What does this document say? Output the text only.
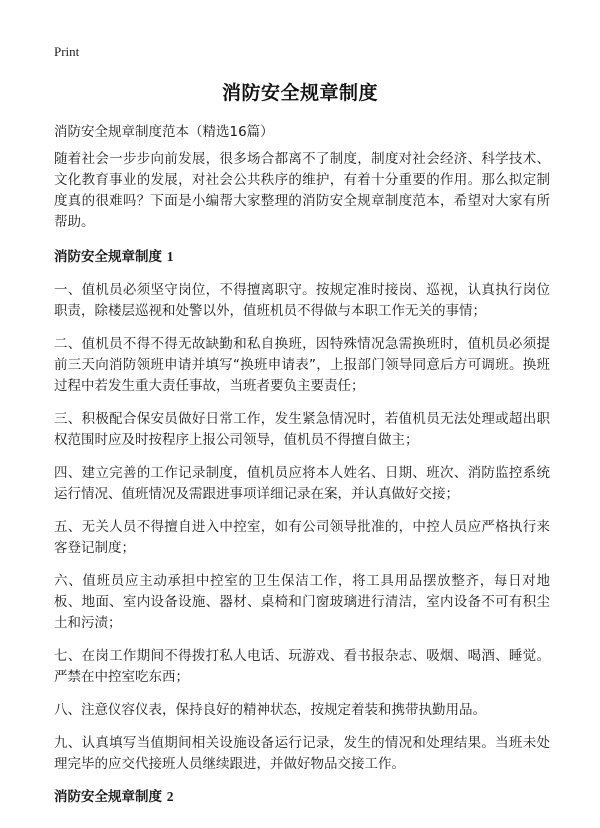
Print
消防安全规章制度
消防安全规章制度范本（精选16篇）

随着社会一步步向前发展，很多场合都离不了制度，制度对社会经济、科学技术、文化教育事业的发展，对社会公共秩序的维护，有着十分重要的作用。那么拟定制度真的很难吗？下面是小编帮大家整理的消防安全规章制度范本，希望对大家有所帮助。

消防安全规章制度 1

一、值机员必须坚守岗位，不得擅离职守。按规定准时接岗、巡视，认真执行岗位职责，除楼层巡视和处警以外，值班机员不得做与本职工作无关的事情；

二、值机员不得不得无故缺勤和私自换班，因特殊情况急需换班时，值机员必须提前三天向消防领班申请并填写“换班申请表”，上报部门领导同意后方可调班。换班过程中若发生重大责任事故，当班者要负主要责任；

三、积极配合保安员做好日常工作，发生紧急情况时，若值机员无法处理或超出职权范围时应及时按程序上报公司领导，值机员不得擅自做主；

四、建立完善的工作记录制度，值机员应将本人姓名、日期、班次、消防监控系统运行情况、值班情况及需跟进事项详细记录在案，并认真做好交接；

五、无关人员不得擅自进入中控室，如有公司领导批准的，中控人员应严格执行来客登记制度；

六、值班员应主动承担中控室的卫生保洁工作，将工具用品摆放整齐，每日对地板、地面、室内设备设施、器材、桌椅和门窗玻璃进行清洁，室内设备不可有积尘土和污渍；

七、在岗工作期间不得拨打私人电话、玩游戏、看书报杂志、吸烟、喝酒、睡觉。严禁在中控室吃东西；

八、注意仪容仪表，保持良好的精神状态，按规定着装和携带执勤用品。

九、认真填写当值期间相关设施设备运行记录，发生的情况和处理结果。当班未处理完毕的应交代接班人员继续跟进，并做好物品交接工作。

消防安全规章制度 2
